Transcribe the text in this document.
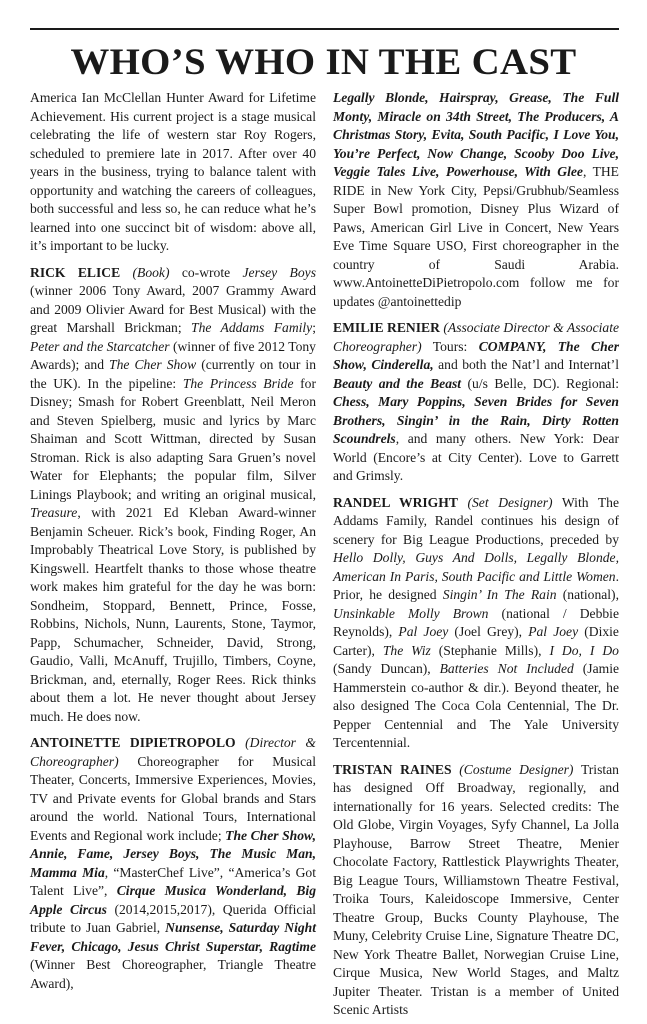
WHO’S WHO IN THE CAST

America Ian McClellan Hunter Award for Lifetime Achievement. His current project is a stage musical celebrating the life of western star Roy Rogers, scheduled to premiere late in 2017. After over 40 years in the business, trying to balance talent with opportunity and watching the careers of colleagues, both successful and less so, he can reduce what he’s learned into one succinct bit of wisdom: above all, it’s important to be lucky.

RICK ELICE (Book) co-wrote Jersey Boys (winner 2006 Tony Award, 2007 Grammy Award and 2009 Olivier Award for Best Musical) with the great Marshall Brickman; The Addams Family; Peter and the Starcatcher (winner of five 2012 Tony Awards); and The Cher Show (currently on tour in the UK). In the pipeline: The Princess Bride for Disney; Smash for Robert Greenblatt, Neil Meron and Steven Spielberg, music and lyrics by Marc Shaiman and Scott Wittman, directed by Susan Stroman. Rick is also adapting Sara Gruen’s novel Water for Elephants; the popular film, Silver Linings Playbook; and writing an original musical, Treasure, with 2021 Ed Kleban Award-winner Benjamin Scheuer. Rick’s book, Finding Roger, An Improbably Theatrical Love Story, is published by Kingswell. Heartfelt thanks to those whose theatre work makes him grateful for the day he was born: Sondheim, Stoppard, Bennett, Prince, Fosse, Robbins, Nichols, Nunn, Laurents, Stone, Taymor, Papp, Schumacher, Schneider, David, Strong, Gaudio, Valli, McAnuff, Trujillo, Timbers, Coyne, Brickman, and, eternally, Roger Rees. Rick thinks about them a lot. He never thought about Jersey much. He does now.

ANTOINETTE DIPIETROPOLO (Director & Choreographer) Choreographer for Musical Theater, Concerts, Immersive Experiences, Movies, TV and Private events for Global brands and Stars around the world. National Tours, International Events and Regional work include; The Cher Show, Annie, Fame, Jersey Boys, The Music Man, Mamma Mia, “MasterChef Live”, “America’s Got Talent Live”, Cirque Musica Wonderland, Big Apple Circus (2014,2015,2017), Querida Official tribute to Juan Gabriel, Nunsense, Saturday Night Fever, Chicago, Jesus Christ Superstar, Ragtime (Winner Best Choreographer, Triangle Theatre Award),

Legally Blonde, Hairspray, Grease, The Full Monty, Miracle on 34th Street, The Producers, A Christmas Story, Evita, South Pacific, I Love You, You’re Perfect, Now Change, Scooby Doo Live, Veggie Tales Live, Powerhouse, With Glee, THE RIDE in New York City, Pepsi/Grubhub/Seamless Super Bowl promotion, Disney Plus Wizard of Paws, American Girl Live in Concert, New Years Eve Time Square USO, First choreographer in the country of Saudi Arabia. www.AntoinetteDiPietropolo.com follow me for updates @antoinettedip

EMILIE RENIER (Associate Director & Associate Choreographer) Tours: COMPANY, The Cher Show, Cinderella, and both the Nat’l and Internat’l Beauty and the Beast (u/s Belle, DC). Regional: Chess, Mary Poppins, Seven Brides for Seven Brothers, Singin’ in the Rain, Dirty Rotten Scoundrels, and many others. New York: Dear World (Encore’s at City Center). Love to Garrett and Grimsly.

RANDEL WRIGHT (Set Designer) With The Addams Family, Randel continues his design of scenery for Big League Productions, preceded by Hello Dolly, Guys And Dolls, Legally Blonde, American In Paris, South Pacific and Little Women. Prior, he designed Singin’ In The Rain (national), Unsinkable Molly Brown (national / Debbie Reynolds), Pal Joey (Joel Grey), Pal Joey (Dixie Carter), The Wiz (Stephanie Mills), I Do, I Do (Sandy Duncan), Batteries Not Included (Jamie Hammerstein co-author & dir.). Beyond theater, he also designed The Coca Cola Centennial, The Dr. Pepper Centennial and The Yale University Tercentennial.

TRISTAN RAINES (Costume Designer) Tristan has designed Off Broadway, regionally, and internationally for 16 years. Selected credits: The Old Globe, Virgin Voyages, Syfy Channel, La Jolla Playhouse, Barrow Street Theatre, Menier Chocolate Factory, Rattlestick Playwrights Theater, Big League Tours, Williamstown Theatre Festival, Troika Tours, Kaleidoscope Immersive, Center Theatre Group, Bucks County Playhouse, The Muny, Celebrity Cruise Line, Signature Theatre DC, New York Theatre Ballet, Norwegian Cruise Line, Cirque Musica, New World Stages, and Maltz Jupiter Theater. Tristan is a member of United Scenic Artists
